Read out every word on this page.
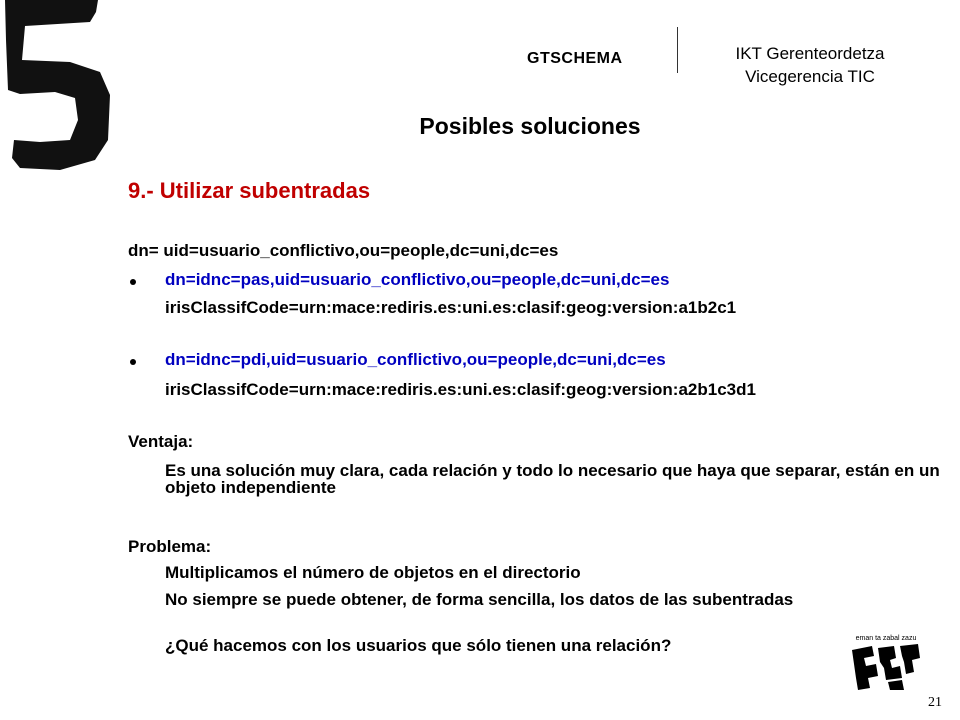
GTSCHEMA	IKT Gerenteordetza
Vicegerencia TIC
Posibles soluciones
9.- Utilizar subentradas
dn= uid=usuario_conflictivo,ou=people,dc=uni,dc=es
dn=idnc=pas,uid=usuario_conflictivo,ou=people,dc=uni,dc=es
irisClassifCode=urn:mace:rediris.es:uni.es:clasif:geog:version:a1b2c1
dn=idnc=pdi,uid=usuario_conflictivo,ou=people,dc=uni,dc=es
irisClassifCode=urn:mace:rediris.es:uni.es:clasif:geog:version:a2b1c3d1
Ventaja:
Es una solución muy clara, cada relación y todo lo necesario que haya que separar, están en un objeto independiente
Problema:
Multiplicamos el número de objetos en el directorio
No siempre se puede obtener, de forma sencilla, los datos de las subentradas
¿Qué hacemos con los usuarios que sólo tienen una relación?	eman ta zabal zazu
21
